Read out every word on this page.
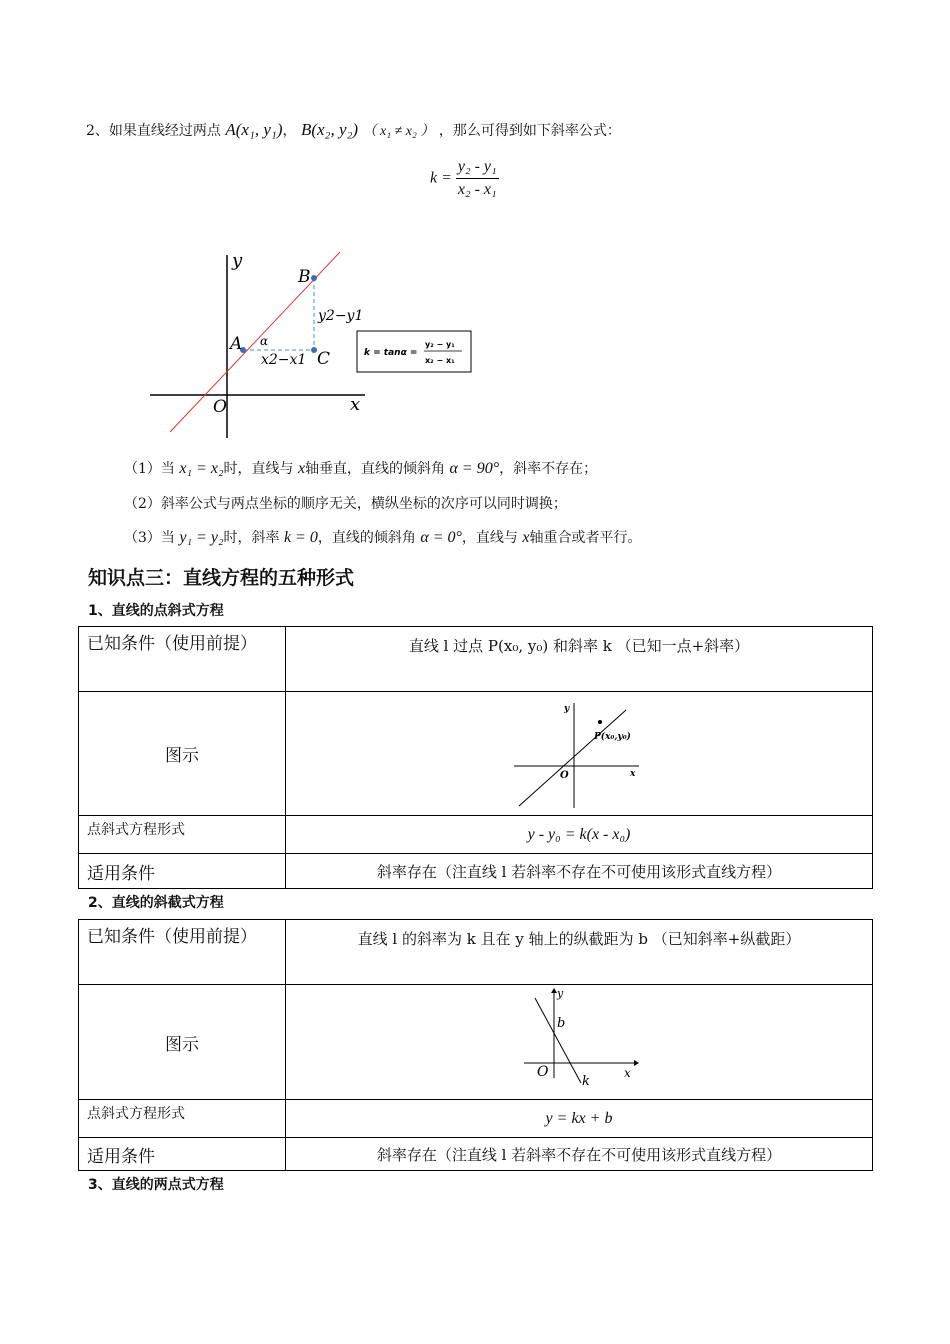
2、如果直线经过两点 A(x₁, y₁)， B(x₂, y₂) （ x₁ ≠ x₂ ） ，那么可得到如下斜率公式：
$k = \frac{\text{y₂ - y₁}}{\text{x₂ - x₁}}$
y
x
O
A
B
C
α
y2−y1
x2−x1	k = tanα =
y₂ − y₁
x₂ − x₁
（1）当 x₁ = x₂时，直线与 x轴垂直，直线的倾斜角 α = 90°，斜率不存在；
（2）斜率公式与两点坐标的顺序无关，横纵坐标的次序可以同时调换；
（3）当 y₁ = y₂时，斜率 k = 0，直线的倾斜角 α = 0°，直线与 x轴重合或者平行。
知识点三：直线方程的五种形式
1、直线的点斜式方程
已知条件（使用前提）	直线 l 过点 P(x₀, y₀) 和斜率 k （已知一点+斜率）
图示	y
x
O
P(x₀,y₀)

点斜式方程形式	y - y₀ = k(x - x₀)
适用条件	斜率存在（注直线 l 若斜率不存在不可使用该形式直线方程）
2、直线的斜截式方程
已知条件（使用前提）	直线 l 的斜率为 k 且在 y 轴上的纵截距为 b （已知斜率+纵截距）
图示	y
x
O
b
k

点斜式方程形式	y = kx + b
适用条件	斜率存在（注直线 l 若斜率不存在不可使用该形式直线方程）
3、直线的两点式方程
